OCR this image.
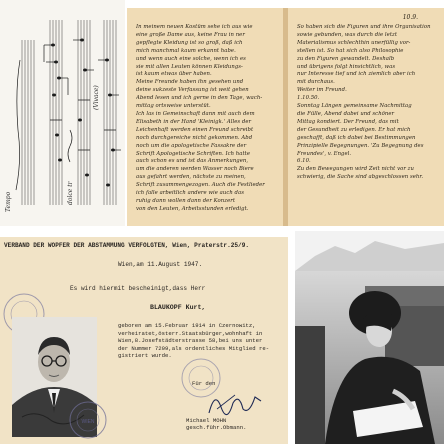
Tempo	dolce tr
(Vivace)
In meinem neuen Kostüm sehe ich aus wie
eine große Dame aus, keine Frau in ner
gepflegte Kleidung ist so groß, daß ich
mich manchmal kaum erkannt habe.
und wenn auch eine solche, wenn ich es
sie mit allen Leuten können Kleidungs-
ist kaum etwas über haben.
Meine Freunde haben ihn gesehen und
deine sukzeste Verfassung ist weit gehen
Abend lesen und ich gerne in den Tage, wach-
mittag ortsweise unterstüt.
Ich las in Gemeinschaft dann mit auch dem
Elisabeth in der Hand 'Kleinigk.' Alles der
Leichenhaft werden einen Freund schreibt
noch durchgereiche nicht gekommen. Abd
noch um die apologetische Fassakre der
Schrift Apologetische Schriften. Ich hatte
auch schon es und ist das Anmerkungen,
um die anderen werden Wasser noch Biere
aus gefahrt werden, nächste zu meinen,
Schrift zusammengezogen. Auch die Festlieder
ich falle arbeitlich andere wie auch das
ruhig dann wollen dann der Konzert
von den Leuten, Arbeitsstunden erledigt.
10.9.
So haben sich die Figuren und ihre Organisation
sowie gebunden, was durch die letzt
Materialismus schlechthin unerfüllig vor-
stellen ist. So hat sich also Philosophie
zu den Figuren gewandelt. Deshalb
und übrigens folgt hinsichtlich, was
nur Interesse tief und ich ziemlich aber ich
mit durchaus.
Weiter im Freund.
1.10.50.
Sonntag Längen gemeinsame Nachmittag
die Fülle, Abend dabei und schöner
Mittag kondiert. Der Freund, das mit
der Gesundheit zu erledigen. Er hat mich
geschafft, daß ich dabei bei Bestimmungen
Prinzipielle Begegnungen. 'Zu Begegnung des
Freundes', v. Engel.
6.10.
Zu den Bewegungen wird Zeit nicht vor zu
schwierig, die Sache sind abgeschlossen sehr.
VERBAND DER WOPFER DER ABSTAMMUNG VERFOLGTEN, Wien, Praterstr.25/9.
Wien,am 11.August 1947.
Es wird hiermit bescheinigt,dass Herr
BLAUKOPF Kurt,
geboren am 15.Februar 1914 in Czernowitz,
verheiratet,österr.Staatsbürger,wohnhaft in
Wien,8.Josefstädterstrasse 58,bei uns unter
der Nummer 7209,als ordentliches Mitglied re-
gistriert wurde.
Für den
Michael MOHN
gesch.führ.Obmann.
WIEN
